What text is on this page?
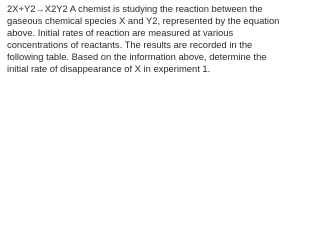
2X+Y2→X2Y2 A chemist is studying the reaction between the
gaseous chemical species X and Y2, represented by the equation
above. Initial rates of reaction are measured at various
concentrations of reactants. The results are recorded in the
following table. Based on the information above, determine the
initial rate of disappearance of X in experiment 1.
